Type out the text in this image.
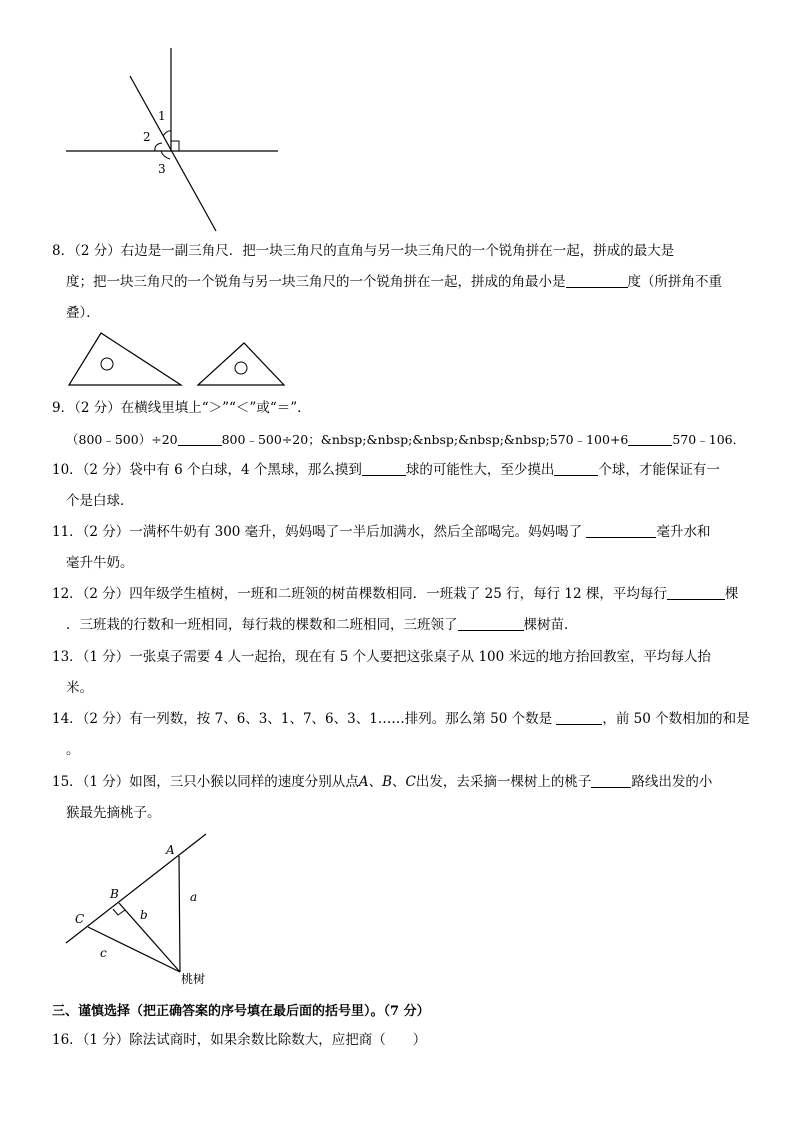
1
2
3
8．（2 分）右边是一副三角尺．把一块三角尺的直角与另一块三角尺的一个锐角拼在一起，拼成的最大是
度；把一块三角尺的一个锐角与另一块三角尺的一个锐角拼在一起，拼成的角最小是	度（所拼角不重
叠）．
9．（2 分）在横线里填上“＞”“＜”或“＝”．
（800﹣500）÷20	800﹣500÷20；&nbsp;&nbsp;&nbsp;&nbsp;&nbsp;570﹣100+6	570﹣106．
10．（2 分）袋中有 6 个白球，4 个黑球，那么摸到	球的可能性大，至少摸出	个球，才能保证有一
个是白球．
11．（2 分）一满杯牛奶有 300 毫升，妈妈喝了一半后加满水，然后全部喝完。妈妈喝了	毫升水和
毫升牛奶。
12．（2 分）四年级学生植树，一班和二班领的树苗棵数相同．一班栽了 25 行，每行 12 棵，平均每行	棵
．三班栽的行数和一班相同，每行栽的棵数和二班相同，三班领了	棵树苗．
13．（1 分）一张桌子需要 4 人一起抬，现在有 5 个人要把这张桌子从 100 米远的地方抬回教室，平均每人抬
米。
14．（2 分）有一列数，按 7、6、3、1、7、6、3、1……排列。那么第 50 个数是	，前 50 个数相加的和是
。
15．（1 分）如图，三只小猴以同样的速度分别从点A、B、C出发，去采摘一棵树上的桃子	路线出发的小
猴最先摘桃子。
A
B
C
a
b
c
桃树
三、谨慎选择（把正确答案的序号填在最后面的括号里）。（7 分）
16．（1 分）除法试商时，如果余数比除数大，应把商（　　）
